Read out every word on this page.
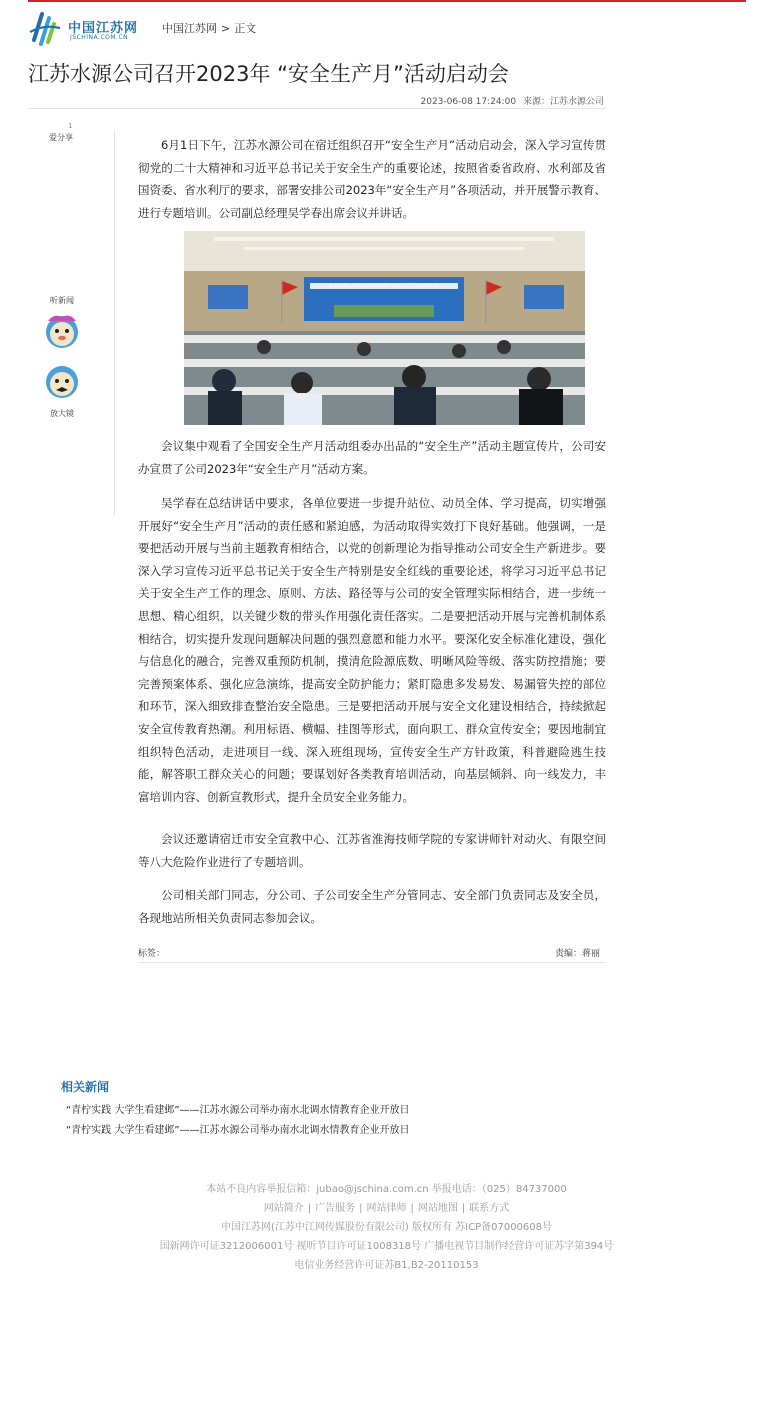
中国江苏网
JSCHINA.COM.CN
中国江苏网 > 正文
江苏水源公司召开2023年 “安全生产月”活动启动会
2023-06-08 17:24:00 来源：江苏水源公司
1
爱分享
听新闻
放大镜

6月1日下午，江苏水源公司在宿迁组织召开“安全生产月”活动启动会，深入学习宣传贯彻党的二十大精神和习近平总书记关于安全生产的重要论述，按照省委省政府、水利部及省国资委、省水利厅的要求，部署安排公司2023年“安全生产月”各项活动，并开展警示教育、进行专题培训。公司副总经理吴学春出席会议并讲话。

南水北调江苏水源公司2023年“安全生产月”活动启动会

会议集中观看了全国安全生产月活动组委办出品的“安全生产”活动主题宣传片，公司安办宣贯了公司2023年“安全生产月”活动方案。

吴学春在总结讲话中要求，各单位要进一步提升站位、动员全体、学习提高，切实增强开展好“安全生产月”活动的责任感和紧迫感，为活动取得实效打下良好基础。他强调，一是要把活动开展与当前主题教育相结合，以党的创新理论为指导推动公司安全生产新进步。要深入学习宣传习近平总书记关于安全生产特别是安全红线的重要论述，将学习习近平总书记关于安全生产工作的理念、原则、方法、路径等与公司的安全管理实际相结合，进一步统一思想、精心组织，以关键少数的带头作用强化责任落实。二是要把活动开展与完善机制体系相结合，切实提升发现问题解决问题的强烈意愿和能力水平。要深化安全标准化建设，强化与信息化的融合，完善双重预防机制，摸清危险源底数、明晰风险等级、落实防控措施；要完善预案体系、强化应急演练，提高安全防护能力；紧盯隐患多发易发、易漏管失控的部位和环节，深入细致排查整治安全隐患。三是要把活动开展与安全文化建设相结合，持续掀起安全宣传教育热潮。利用标语、横幅、挂图等形式，面向职工、群众宣传安全；要因地制宜组织特色活动，走进项目一线、深入班组现场，宣传安全生产方针政策，科普避险逃生技能，解答职工群众关心的问题；要谋划好各类教育培训活动，向基层倾斜、向一线发力，丰富培训内容、创新宣教形式，提升全员安全业务能力。

会议还邀请宿迁市安全宣教中心、江苏省淮海技师学院的专家讲师针对动火、有限空间等八大危险作业进行了专题培训。

公司相关部门同志，分公司、子公司安全生产分管同志、安全部门负责同志及安全员，各现地站所相关负责同志参加会议。

标签：	责编：蒋丽
相关新闻
“青柠实践 大学生看建邺”——江苏水源公司举办南水北调水情教育企业开放日
“青柠实践 大学生看建邺”——江苏水源公司举办南水北调水情教育企业开放日
本站不良内容举报信箱：jubao@jschina.com.cn 举报电话：（025）84737000
网站简介 | 广告服务 | 网站律师 | 网站地图 | 联系方式
中国江苏网(江苏中江网传媒股份有限公司) 版权所有 苏ICP备07000608号
国新网许可证3212006001号 视听节目许可证1008318号 广播电视节目制作经营许可证苏字第394号
电信业务经营许可证苏B1,B2-20110153
